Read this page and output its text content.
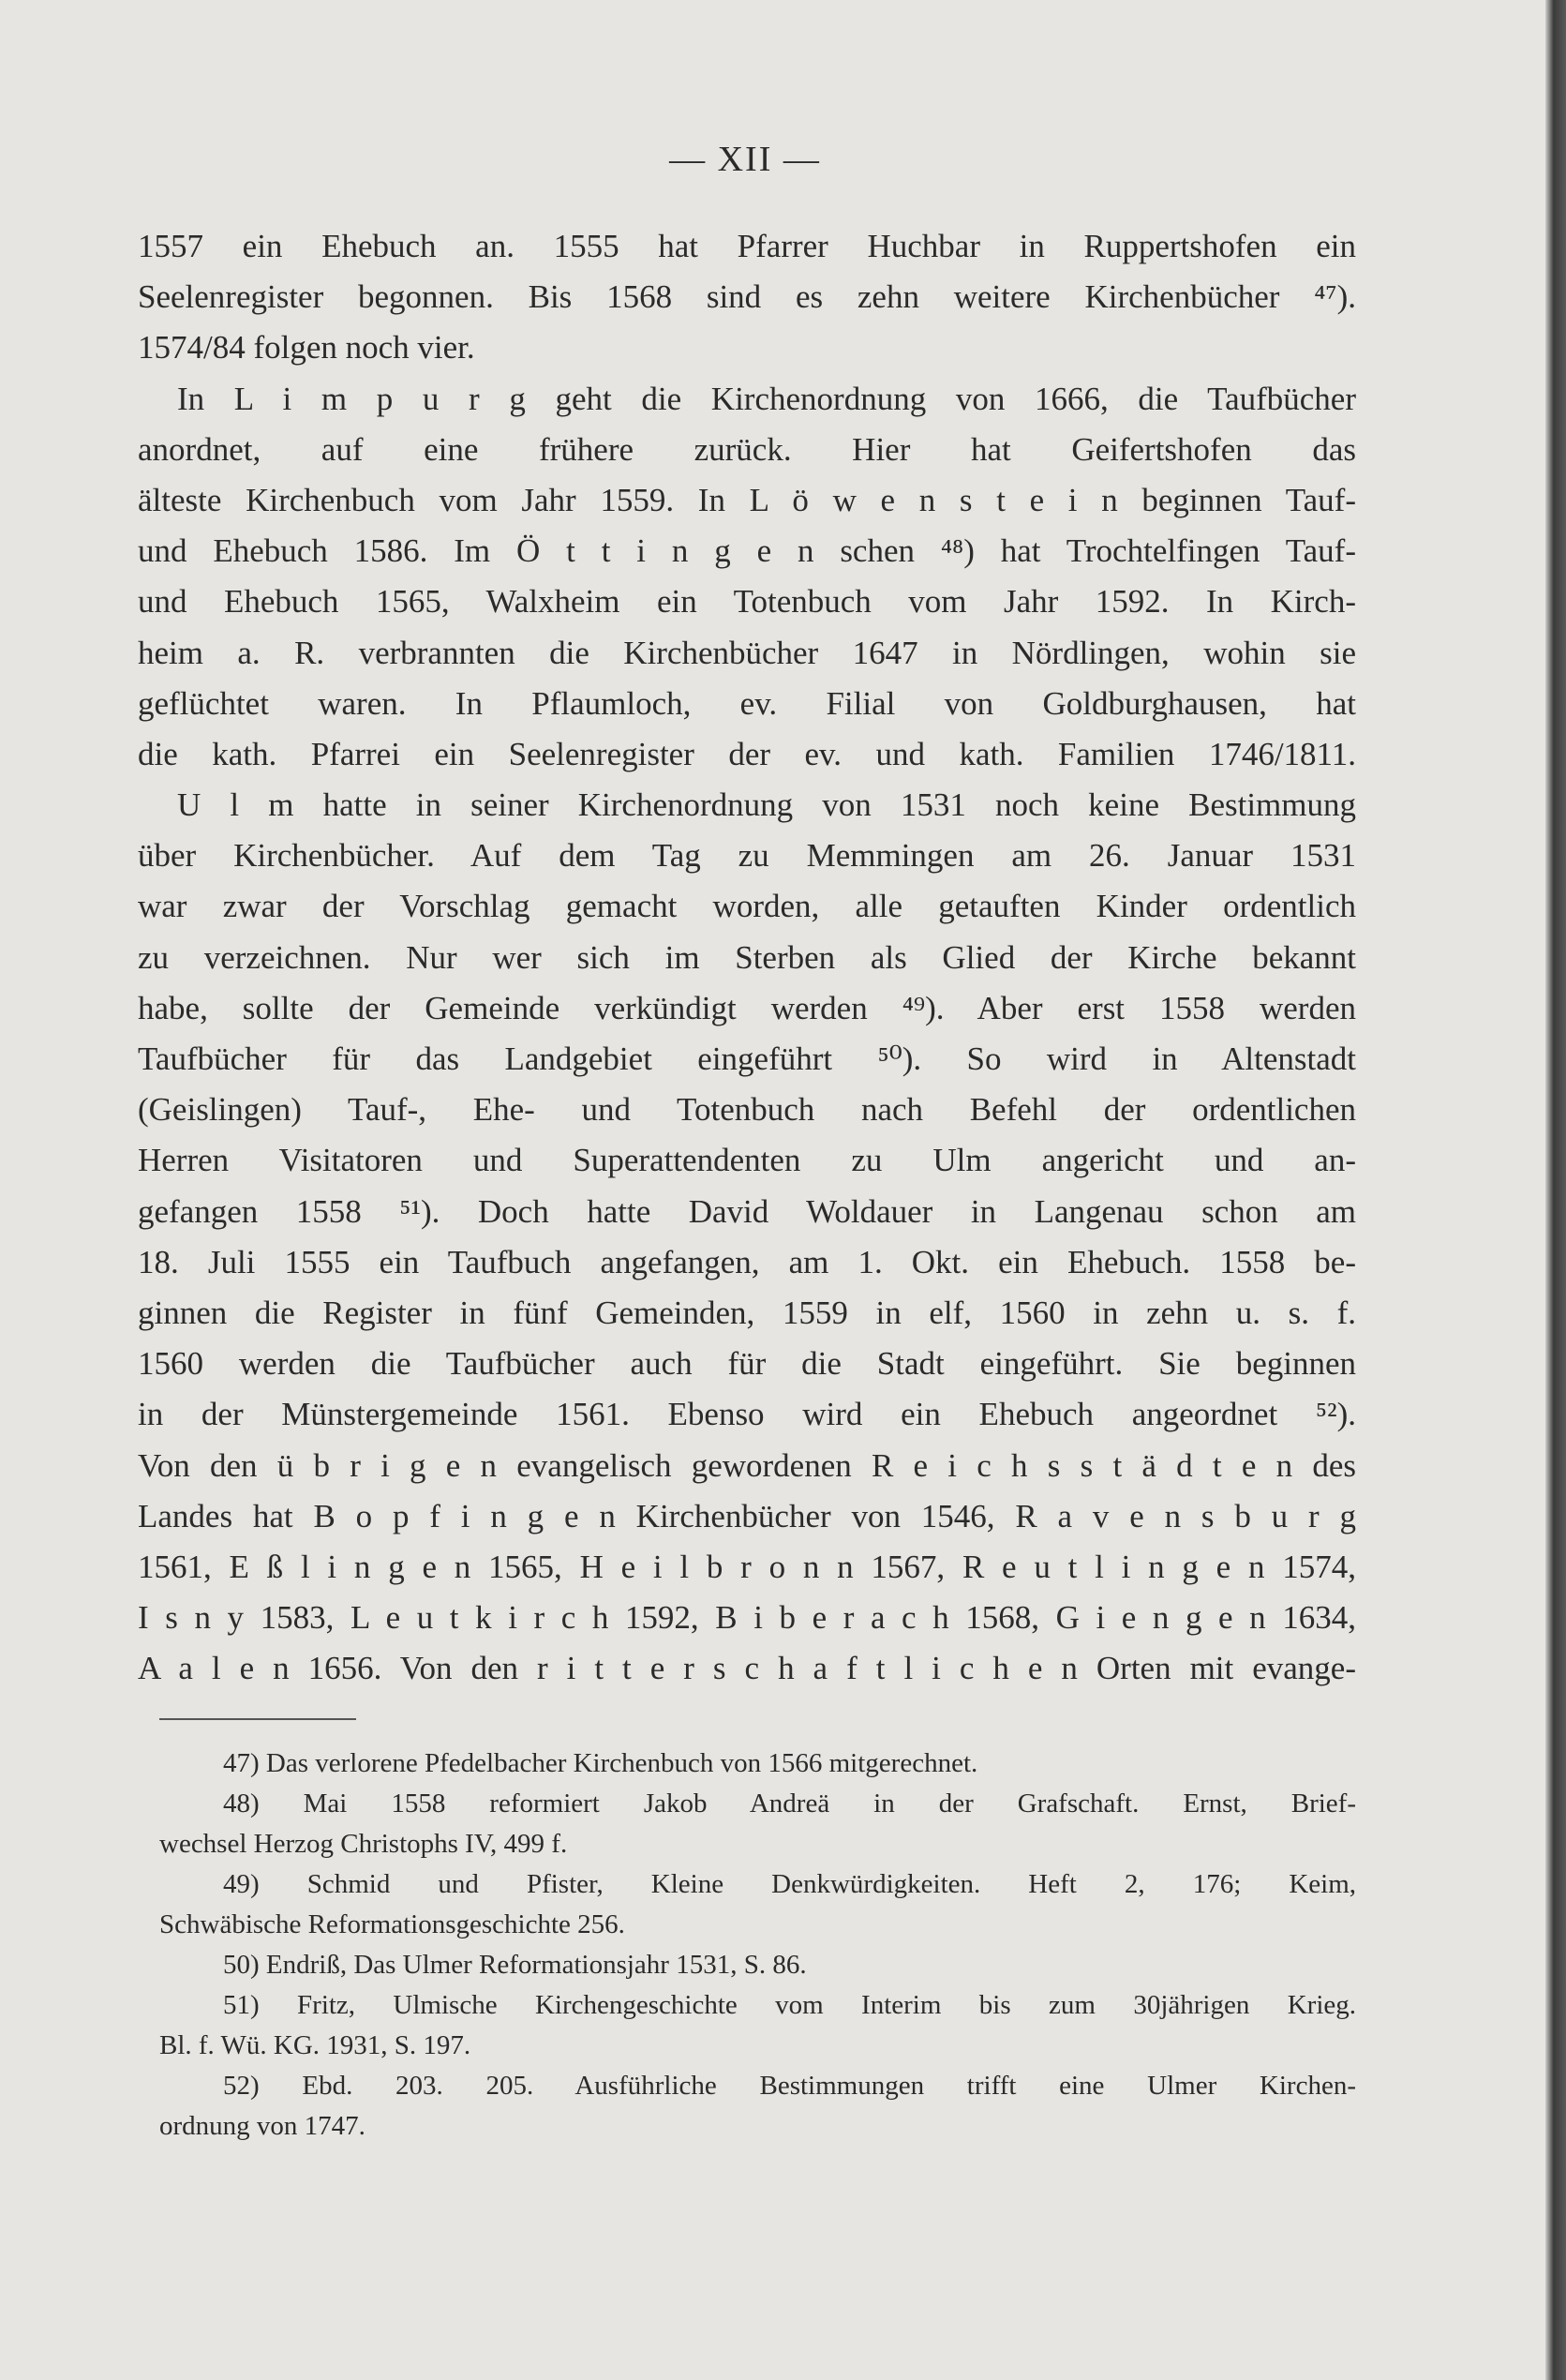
— XII —
1557 ein Ehebuch an. 1555 hat Pfarrer Huchbar in Ruppertshofen ein
Seelenregister begonnen. Bis 1568 sind es zehn weitere Kirchenbücher ⁴⁷).
1574/84 folgen noch vier.
In L i m p u r g geht die Kirchenordnung von 1666, die Taufbücher
anordnet, auf eine frühere zurück. Hier hat Geifertshofen das
älteste Kirchenbuch vom Jahr 1559. In L ö w e n s t e i n beginnen Tauf-
und Ehebuch 1586. Im Ö t t i n g e n schen ⁴⁸) hat Trochtelfingen Tauf-
und Ehebuch 1565, Walxheim ein Totenbuch vom Jahr 1592. In Kirch-
heim a. R. verbrannten die Kirchenbücher 1647 in Nördlingen, wohin sie
geflüchtet waren. In Pflaumloch, ev. Filial von Goldburghausen, hat
die kath. Pfarrei ein Seelenregister der ev. und kath. Familien 1746/1811.
U l m hatte in seiner Kirchenordnung von 1531 noch keine Bestimmung
über Kirchenbücher. Auf dem Tag zu Memmingen am 26. Januar 1531
war zwar der Vorschlag gemacht worden, alle getauften Kinder ordentlich
zu verzeichnen. Nur wer sich im Sterben als Glied der Kirche bekannt
habe, sollte der Gemeinde verkündigt werden ⁴⁹). Aber erst 1558 werden
Taufbücher für das Landgebiet eingeführt ⁵⁰). So wird in Altenstadt
(Geislingen) Tauf-, Ehe- und Totenbuch nach Befehl der ordentlichen
Herren Visitatoren und Superattendenten zu Ulm angericht und an-
gefangen 1558 ⁵¹). Doch hatte David Woldauer in Langenau schon am
18. Juli 1555 ein Taufbuch angefangen, am 1. Okt. ein Ehebuch. 1558 be-
ginnen die Register in fünf Gemeinden, 1559 in elf, 1560 in zehn u. s. f.
1560 werden die Taufbücher auch für die Stadt eingeführt. Sie beginnen
in der Münstergemeinde 1561. Ebenso wird ein Ehebuch angeordnet ⁵²).
Von den ü b r i g e n evangelisch gewordenen R e i c h s s t ä d t e n des
Landes hat B o p f i n g e n Kirchenbücher von 1546, R a v e n s b u r g
1561, E ß l i n g e n 1565, H e i l b r o n n 1567, R e u t l i n g e n 1574,
I s n y 1583, L e u t k i r c h 1592, B i b e r a c h 1568, G i e n g e n 1634,
A a l e n 1656. Von den r i t t e r s c h a f t l i c h e n Orten mit evange-
47) Das verlorene Pfedelbacher Kirchenbuch von 1566 mitgerechnet.
48) Mai 1558 reformiert Jakob Andreä in der Grafschaft. Ernst, Brief-
wechsel Herzog Christophs IV, 499 f.
49) Schmid und Pfister, Kleine Denkwürdigkeiten. Heft 2, 176; Keim,
Schwäbische Reformationsgeschichte 256.
50) Endriß, Das Ulmer Reformationsjahr 1531, S. 86.
51) Fritz, Ulmische Kirchengeschichte vom Interim bis zum 30jährigen Krieg.
Bl. f. Wü. KG. 1931, S. 197.
52) Ebd. 203. 205. Ausführliche Bestimmungen trifft eine Ulmer Kirchen-
ordnung von 1747.
